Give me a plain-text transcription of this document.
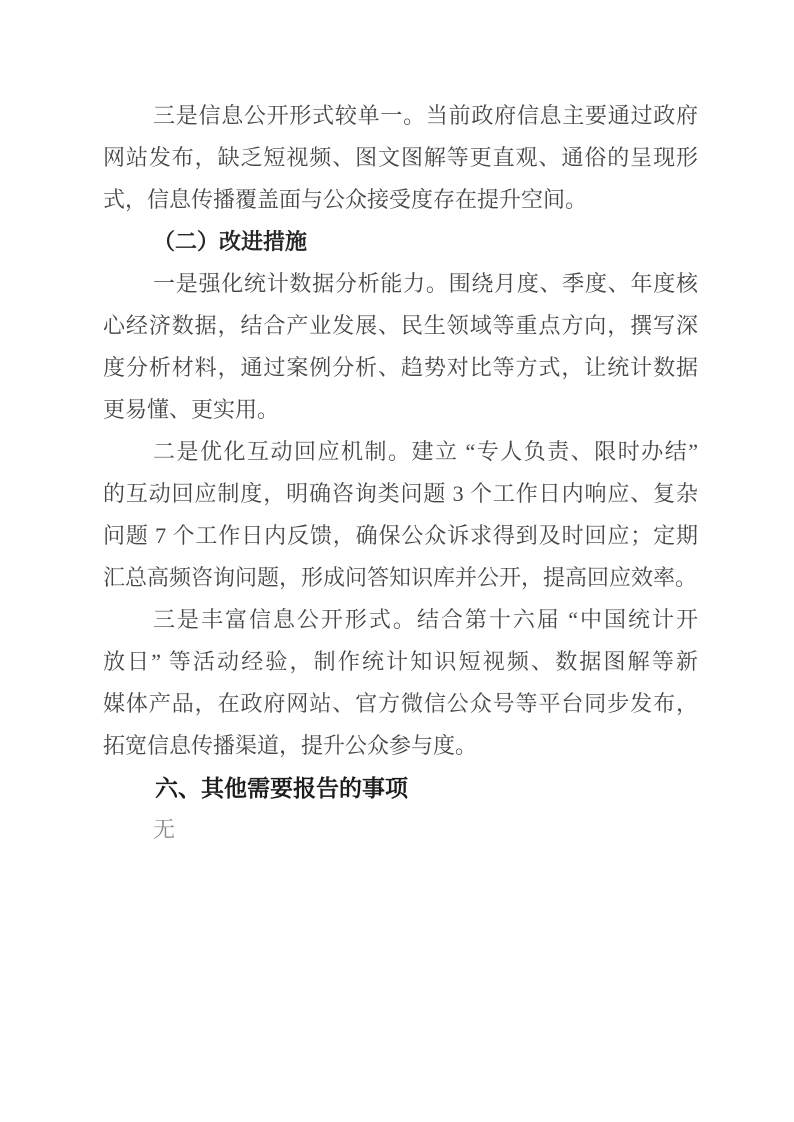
三是信息公开形式较单一。当前政府信息主要通过政府
网站发布，缺乏短视频、图文图解等更直观、通俗的呈现形
式，信息传播覆盖面与公众接受度存在提升空间。
（二）改进措施
一是强化统计数据分析能力。围绕月度、季度、年度核
心经济数据，结合产业发展、民生领域等重点方向，撰写深
度分析材料，通过案例分析、趋势对比等方式，让统计数据
更易懂、更实用。
二是优化互动回应机制。建立 “专人负责、限时办结”
的互动回应制度，明确咨询类问题 3 个工作日内响应、复杂
问题 7 个工作日内反馈，确保公众诉求得到及时回应；定期
汇总高频咨询问题，形成问答知识库并公开，提高回应效率。
三是丰富信息公开形式。结合第十六届 “中国统计开
放日” 等活动经验，制作统计知识短视频、数据图解等新
媒体产品，在政府网站、官方微信公众号等平台同步发布，
拓宽信息传播渠道，提升公众参与度。
六、其他需要报告的事项
无
